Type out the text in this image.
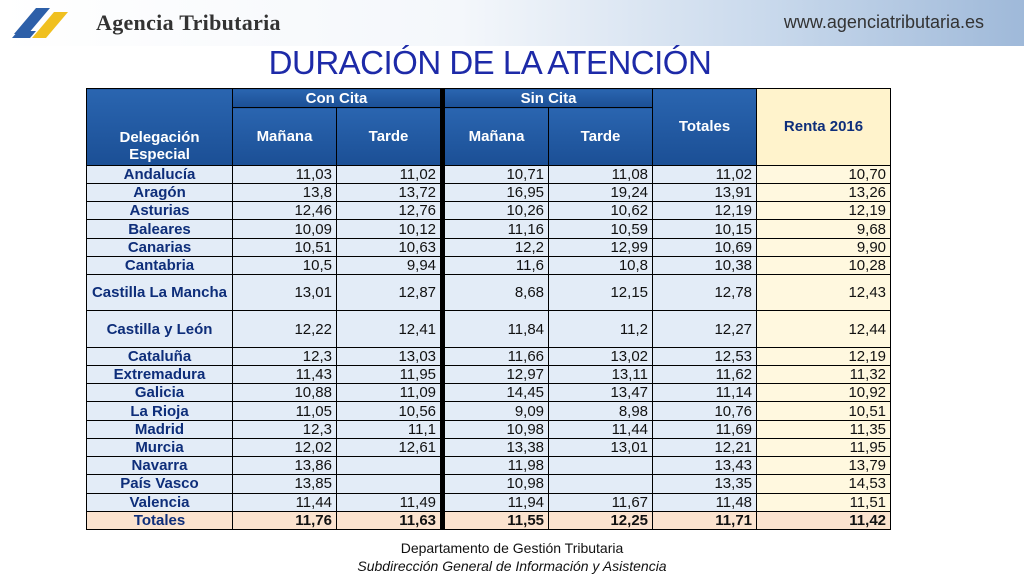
Agencia Tributaria	www.agenciatributaria.es
DURACIÓN DE LA ATENCIÓN
Delegación Especial	Con Cita			Sin Cita		Totales	Renta 2016
	Mañana	Tarde		Mañana	Tarde		
Andalucía	11,03	11,02		10,71	11,08	11,02	10,70
Aragón	13,8	13,72		16,95	19,24	13,91	13,26
Asturias	12,46	12,76		10,26	10,62	12,19	12,19
Baleares	10,09	10,12		11,16	10,59	10,15	9,68
Canarias	10,51	10,63		12,2	12,99	10,69	9,90
Cantabria	10,5	9,94		11,6	10,8	10,38	10,28
Castilla La Mancha	13,01	12,87		8,68	12,15	12,78	12,43
Castilla y León	12,22	12,41		11,84	11,2	12,27	12,44
Cataluña	12,3	13,03		11,66	13,02	12,53	12,19
Extremadura	11,43	11,95		12,97	13,11	11,62	11,32
Galicia	10,88	11,09		14,45	13,47	11,14	10,92
La Rioja	11,05	10,56		9,09	8,98	10,76	10,51
Madrid	12,3	11,1		10,98	11,44	11,69	11,35
Murcia	12,02	12,61		13,38	13,01	12,21	11,95
Navarra	13,86			11,98		13,43	13,79
País Vasco	13,85			10,98		13,35	14,53
Valencia	11,44	11,49		11,94	11,67	11,48	11,51
Totales	11,76	11,63		11,55	12,25	11,71	11,42
Departamento de Gestión Tributaria
Subdirección General de Información y Asistencia
